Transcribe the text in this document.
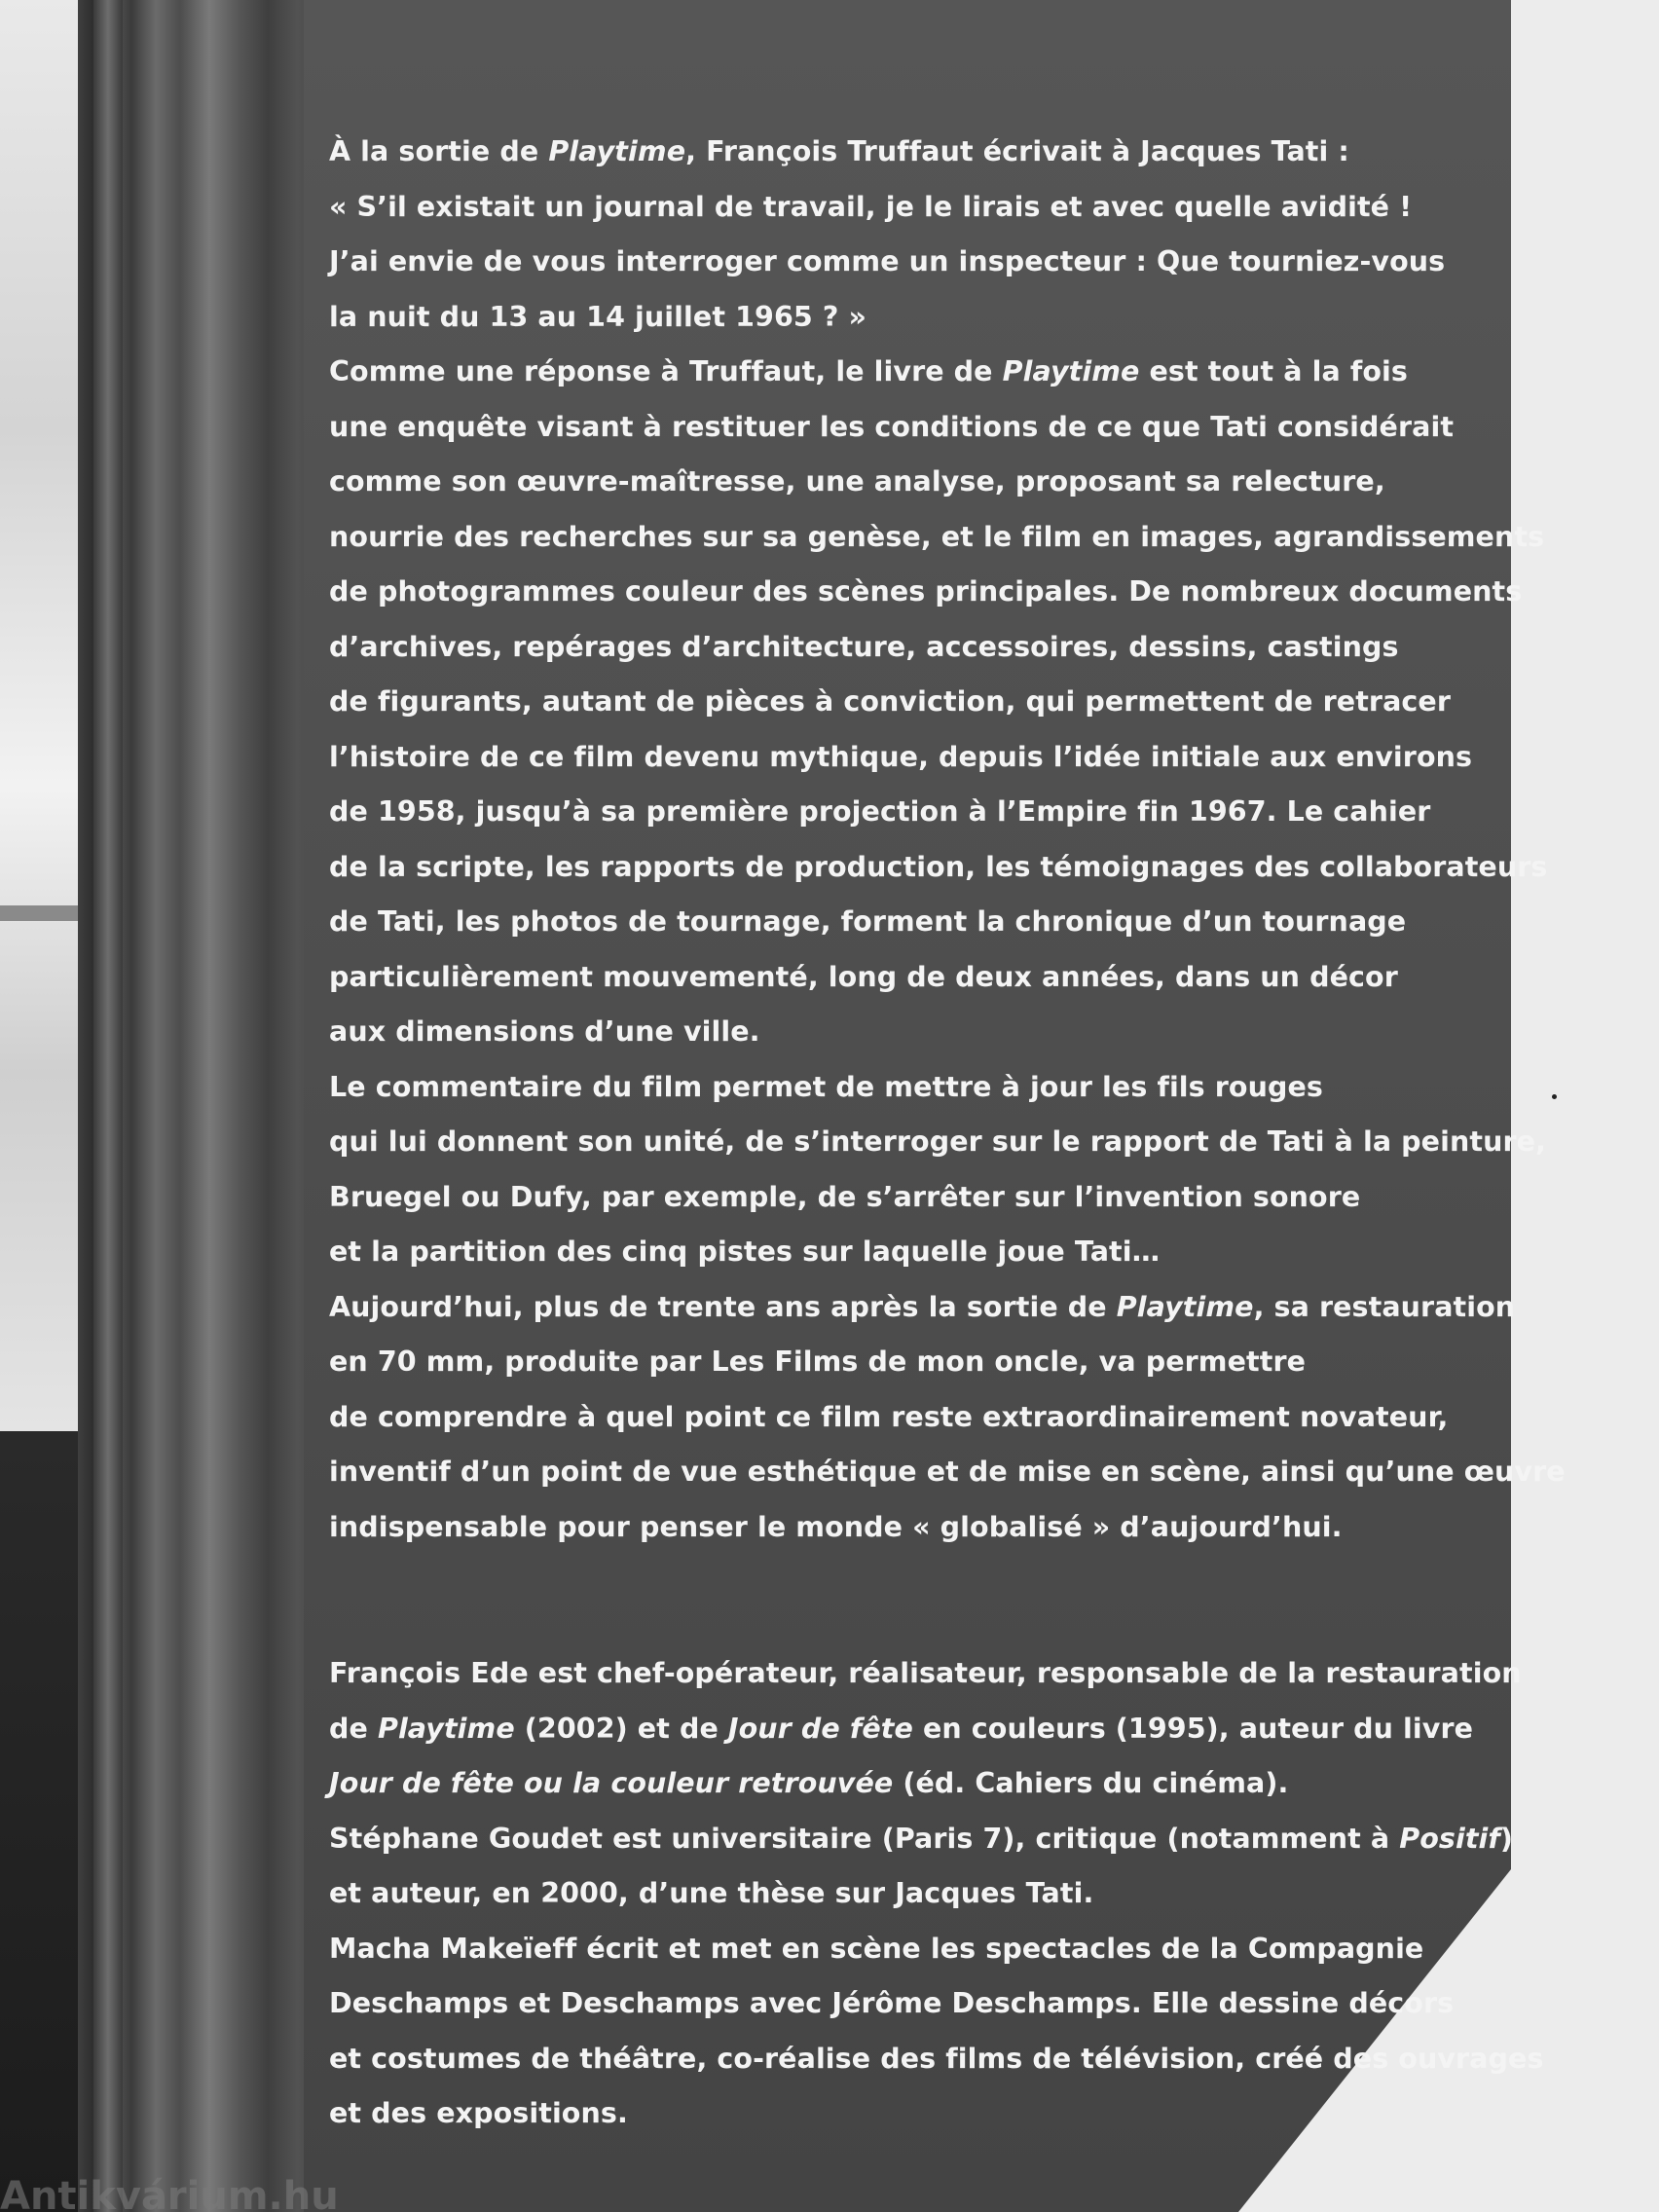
À la sortie de Playtime, François Truffaut écrivait à Jacques Tati :
« S’il existait un journal de travail, je le lirais et avec quelle avidité !
J’ai envie de vous interroger comme un inspecteur : Que tourniez-vous
la nuit du 13 au 14 juillet 1965 ? »
Comme une réponse à Truffaut, le livre de Playtime est tout à la fois
une enquête visant à restituer les conditions de ce que Tati considérait
comme son œuvre-maîtresse, une analyse, proposant sa relecture,
nourrie des recherches sur sa genèse, et le film en images, agrandissements
de photogrammes couleur des scènes principales. De nombreux documents
d’archives, repérages d’architecture, accessoires, dessins, castings
de figurants, autant de pièces à conviction, qui permettent de retracer
l’histoire de ce film devenu mythique, depuis l’idée initiale aux environs
de 1958, jusqu’à sa première projection à l’Empire fin 1967. Le cahier
de la scripte, les rapports de production, les témoignages des collaborateurs
de Tati, les photos de tournage, forment la chronique d’un tournage
particulièrement mouvementé, long de deux années, dans un décor
aux dimensions d’une ville.
Le commentaire du film permet de mettre à jour les fils rouges
qui lui donnent son unité, de s’interroger sur le rapport de Tati à la peinture,
Bruegel ou Dufy, par exemple, de s’arrêter sur l’invention sonore
et la partition des cinq pistes sur laquelle joue Tati…
Aujourd’hui, plus de trente ans après la sortie de Playtime, sa restauration
en 70 mm, produite par Les Films de mon oncle, va permettre
de comprendre à quel point ce film reste extraordinairement novateur,
inventif d’un point de vue esthétique et de mise en scène, ainsi qu’une œuvre
indispensable pour penser le monde « globalisé » d’aujourd’hui.
François Ede est chef-opérateur, réalisateur, responsable de la restauration
de Playtime (2002) et de Jour de fête en couleurs (1995), auteur du livre
Jour de fête ou la couleur retrouvée (éd. Cahiers du cinéma).
Stéphane Goudet est universitaire (Paris 7), critique (notamment à Positif)
et auteur, en 2000, d’une thèse sur Jacques Tati.
Macha Makeïeff écrit et met en scène les spectacles de la Compagnie
Deschamps et Deschamps avec Jérôme Deschamps. Elle dessine décors
et costumes de théâtre, co-réalise des films de télévision, créé des ouvrages
et des expositions.
Antikvárium.hu
